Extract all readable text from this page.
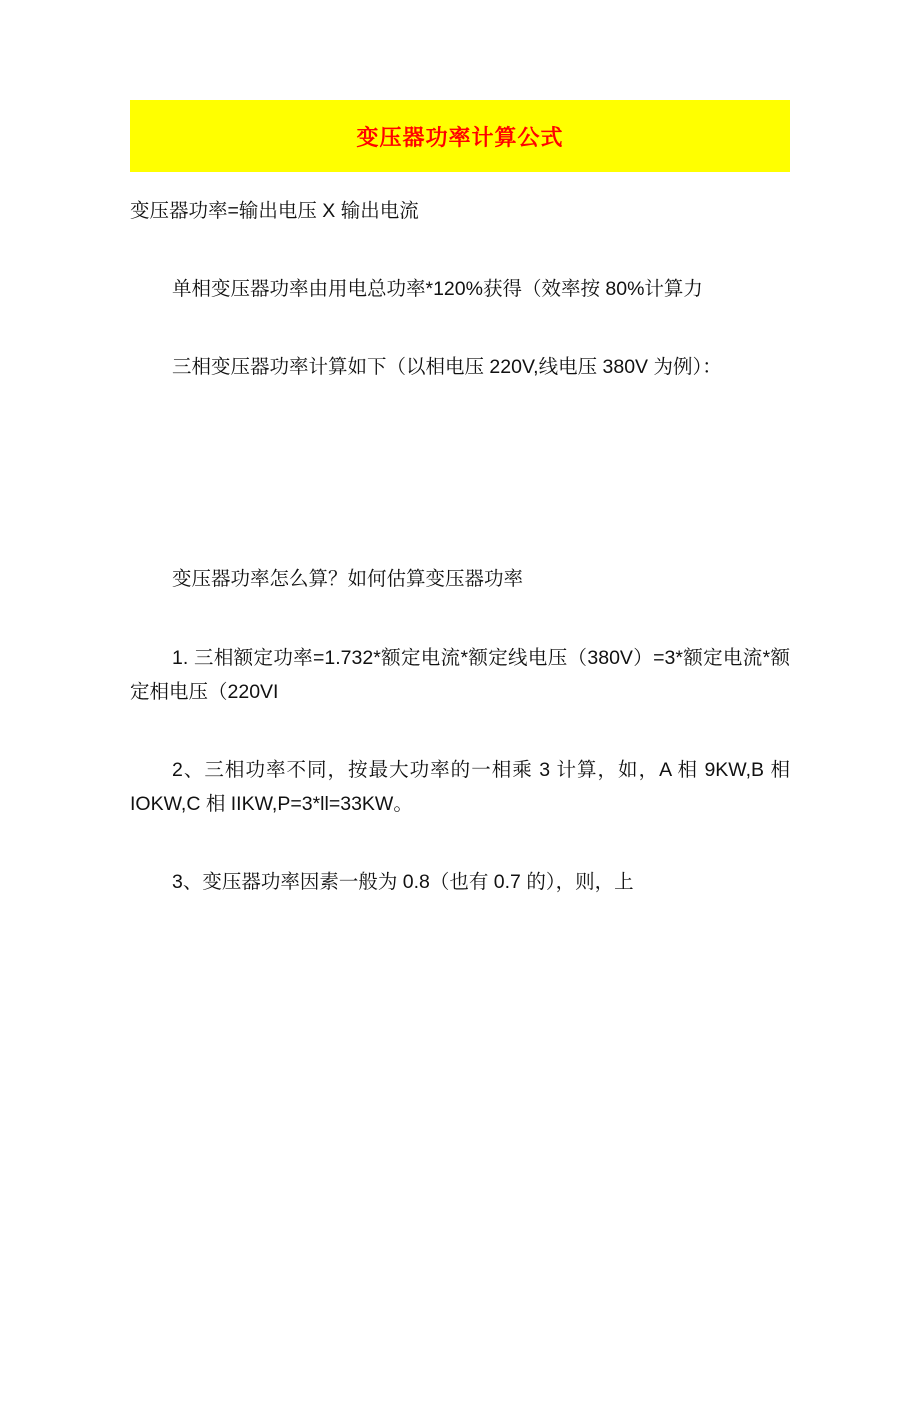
变压器功率计算公式

变压器功率=输出电压 X 输出电流

单相变压器功率由用电总功率*120%获得（效率按 80%计算力

三相变压器功率计算如下（以相电压 220V,线电压 380V 为例）：

变压器功率怎么算？如何估算变压器功率

1. 三相额定功率=1.732*额定电流*额定线电压（380V）=3*额定电流*额定相电压（220VI

2、三相功率不同，按最大功率的一相乘 3 计算，如，A 相 9KW,B 相 IOKW,C 相 IIKW,P=3*ll=33KW。

3、变压器功率因素一般为 0.8（也有 0.7 的），则，上
